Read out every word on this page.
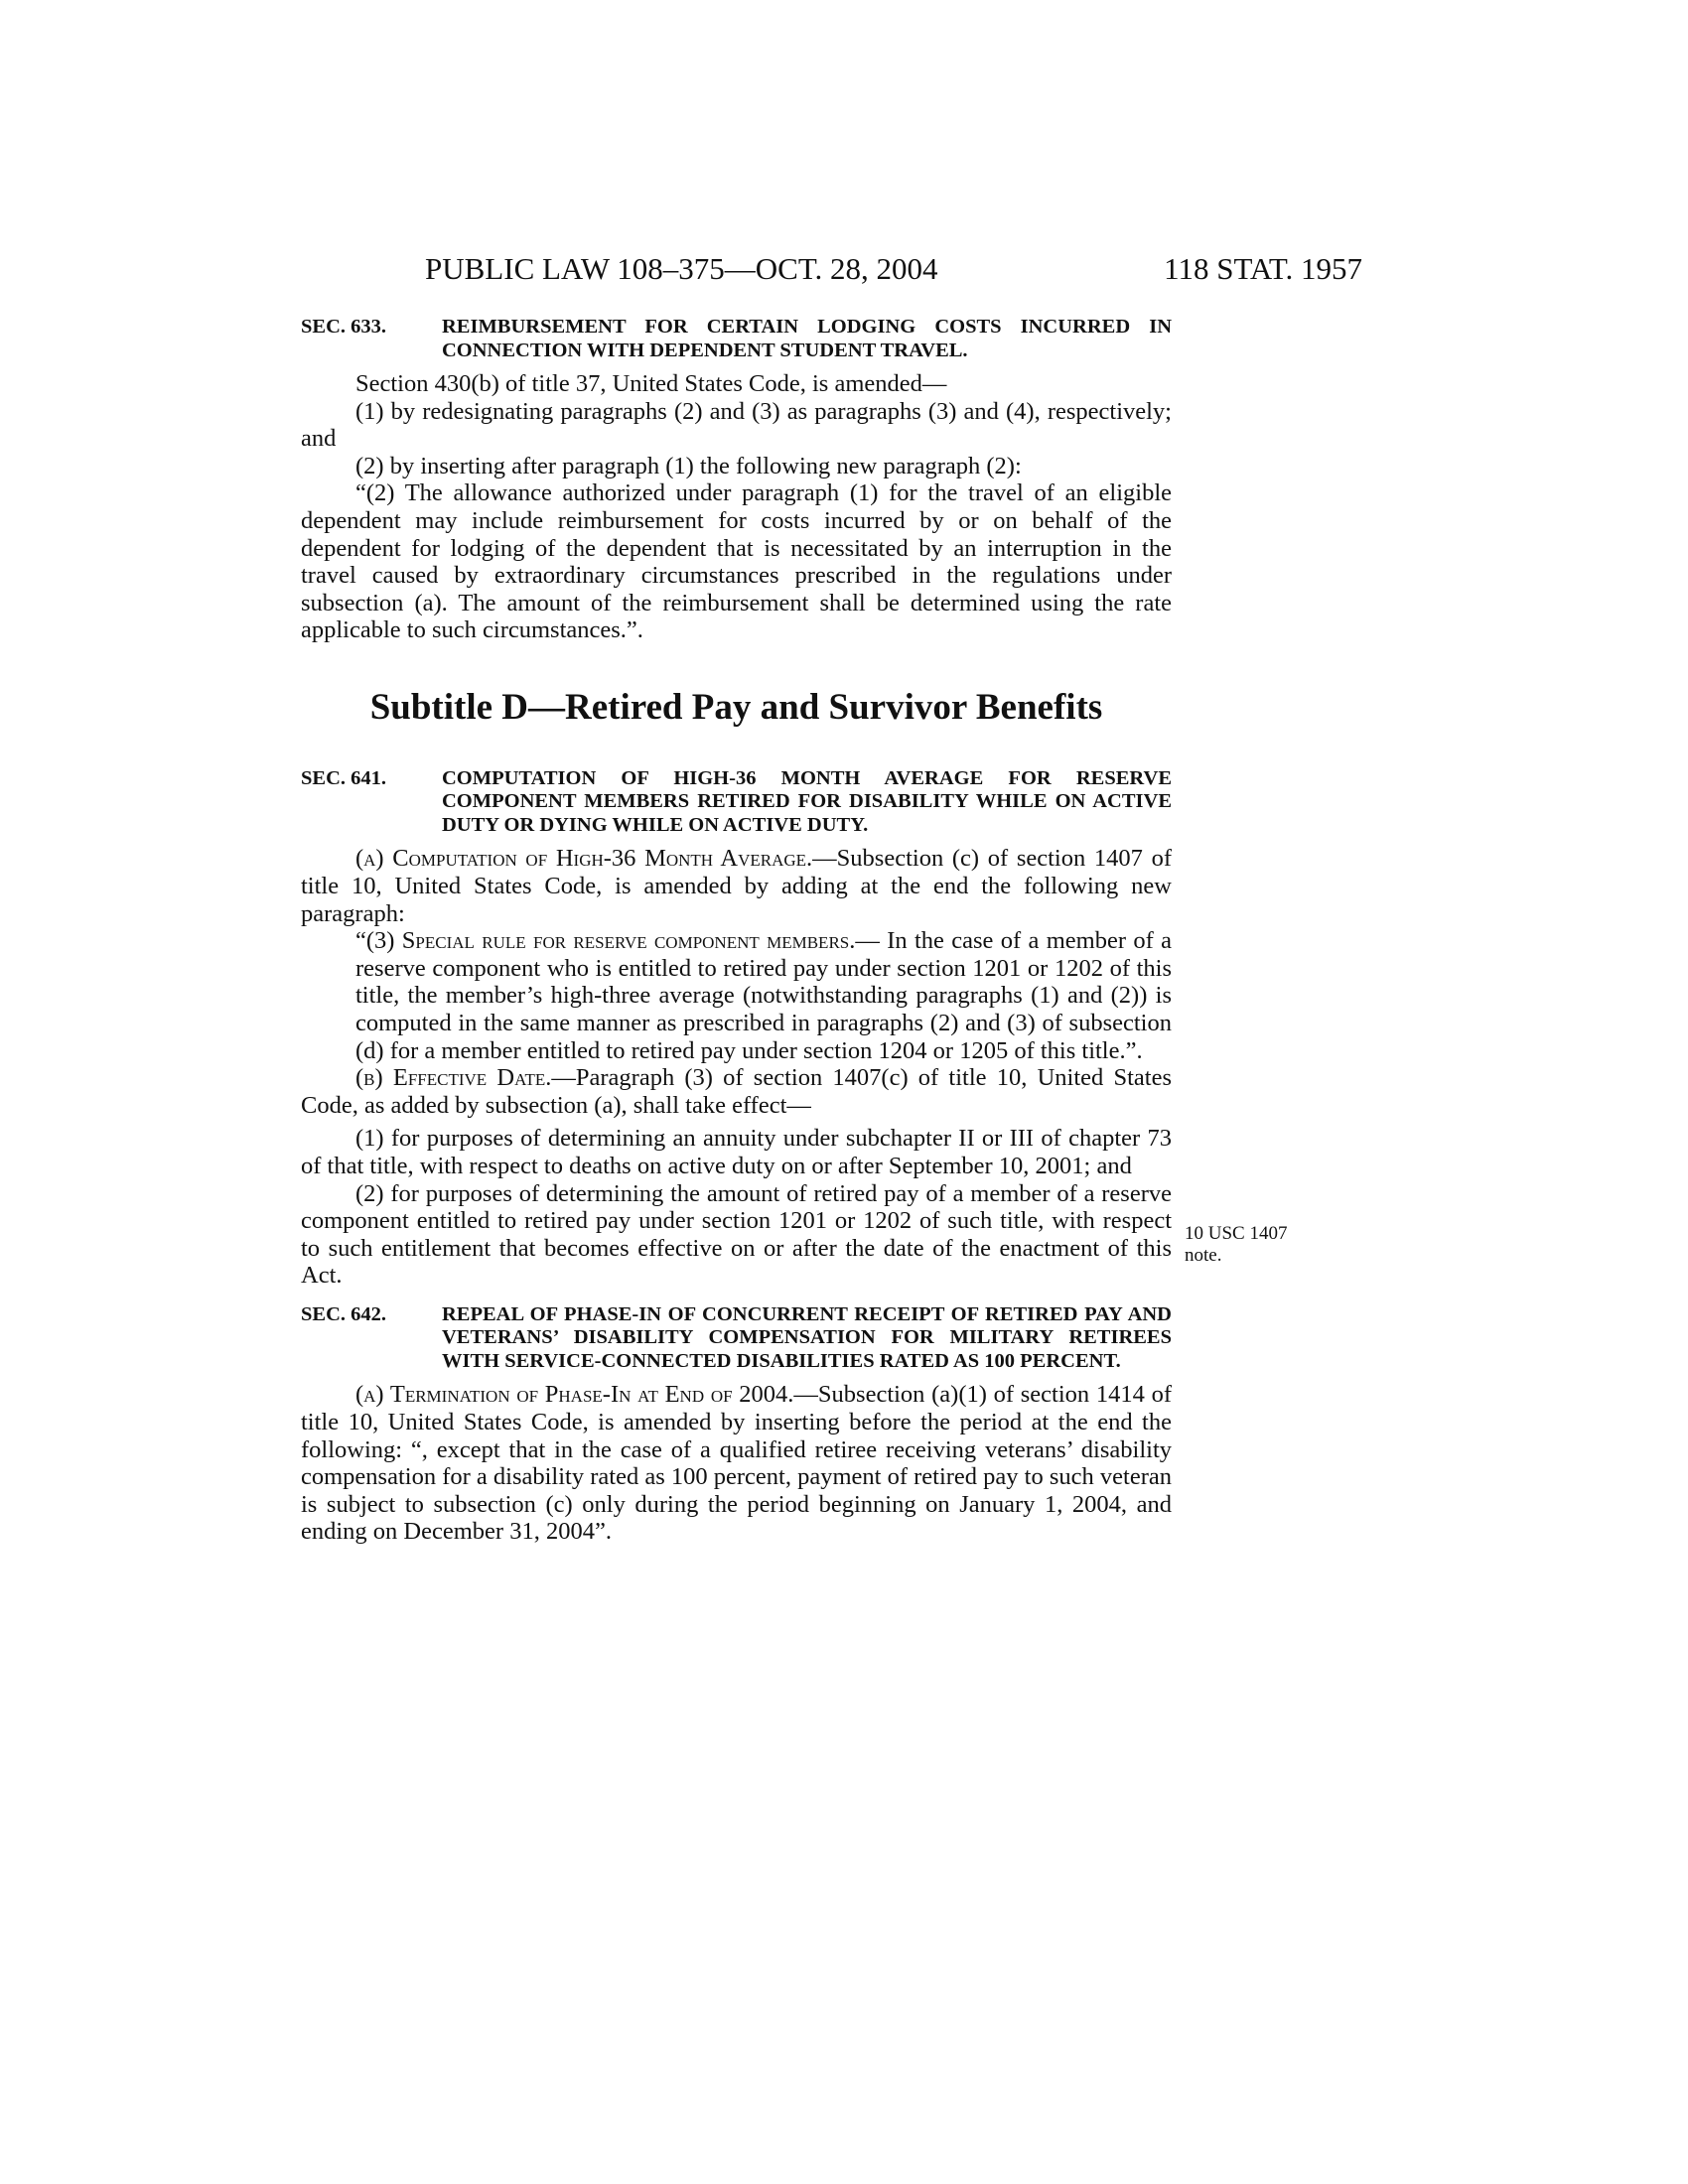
PUBLIC LAW 108–375—OCT. 28, 2004	118 STAT. 1957
SEC. 633.	REIMBURSEMENT FOR CERTAIN LODGING COSTS INCURRED IN CONNECTION WITH DEPENDENT STUDENT TRAVEL.

Section 430(b) of title 37, United States Code, is amended—

(1) by redesignating paragraphs (2) and (3) as paragraphs (3) and (4), respectively; and

(2) by inserting after paragraph (1) the following new paragraph (2):

“(2) The allowance authorized under paragraph (1) for the travel of an eligible dependent may include reimbursement for costs incurred by or on behalf of the dependent for lodging of the dependent that is necessitated by an interruption in the travel caused by extraordinary circumstances prescribed in the regulations under subsection (a). The amount of the reimbursement shall be determined using the rate applicable to such circumstances.”.

Subtitle D—Retired Pay and Survivor Benefits
SEC. 641.	COMPUTATION OF HIGH-36 MONTH AVERAGE FOR RESERVE COMPONENT MEMBERS RETIRED FOR DISABILITY WHILE ON ACTIVE DUTY OR DYING WHILE ON ACTIVE DUTY.

(a) Computation of High-36 Month Average.—Subsection (c) of section 1407 of title 10, United States Code, is amended by adding at the end the following new paragraph:

“(3) Special rule for reserve component members.— In the case of a member of a reserve component who is entitled to retired pay under section 1201 or 1202 of this title, the member’s high-three average (notwithstanding paragraphs (1) and (2)) is computed in the same manner as prescribed in paragraphs (2) and (3) of subsection (d) for a member entitled to retired pay under section 1204 or 1205 of this title.”.

(b) Effective Date.—Paragraph (3) of section 1407(c) of title 10, United States Code, as added by subsection (a), shall take effect—

(1) for purposes of determining an annuity under subchapter II or III of chapter 73 of that title, with respect to deaths on active duty on or after September 10, 2001; and

(2) for purposes of determining the amount of retired pay of a member of a reserve component entitled to retired pay under section 1201 or 1202 of such title, with respect to such entitlement that becomes effective on or after the date of the enactment of this Act.

SEC. 642.	REPEAL OF PHASE-IN OF CONCURRENT RECEIPT OF RETIRED PAY AND VETERANS’ DISABILITY COMPENSATION FOR MILITARY RETIREES WITH SERVICE-CONNECTED DISABILITIES RATED AS 100 PERCENT.

(a) Termination of Phase-In at End of 2004.—Subsection (a)(1) of section 1414 of title 10, United States Code, is amended by inserting before the period at the end the following: “, except that in the case of a qualified retiree receiving veterans’ disability compensation for a disability rated as 100 percent, payment of retired pay to such veteran is subject to subsection (c) only during the period beginning on January 1, 2004, and ending on December 31, 2004”.

10 USC 1407
note.
